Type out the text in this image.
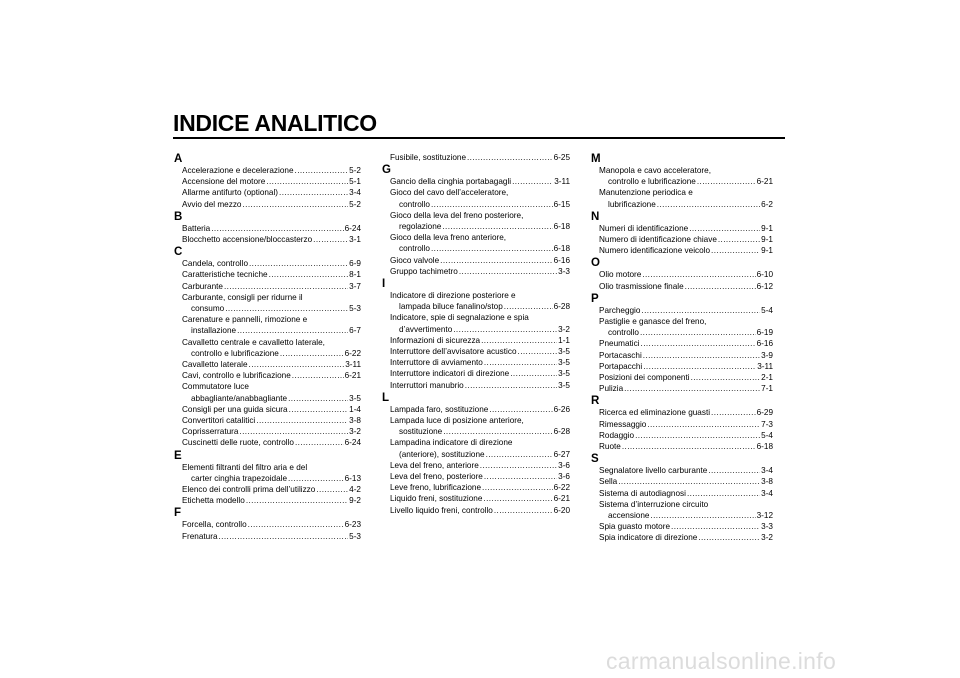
INDICE ANALITICO
A
Accelerazione e decelerazione .....	5-2
Accensione del motore .....	5-1
Allarme antifurto (optional) .....	3-4
Avvio del mezzo .....	5-2
B
Batteria .....	6-24
Blocchetto accensione/bloccasterzo .....	3-1
C
Candela, controllo .....	6-9
Caratteristiche tecniche .....	8-1
Carburante .....	3-7
Carburante, consigli per ridurne il
consumo .....	5-3
Carenature e pannelli, rimozione e
installazione .....	6-7
Cavalletto centrale e cavalletto laterale,
controllo e lubrificazione .....	6-22
Cavalletto laterale .....	3-11
Cavi, controllo e lubrificazione .....	6-21
Commutatore luce
abbagliante/anabbagliante .....	3-5
Consigli per una guida sicura .....	1-4
Convertitori catalitici .....	3-8
Coprisserratura .....	3-2
Cuscinetti delle ruote, controllo .....	6-24
E
Elementi filtranti del filtro aria e del
carter cinghia trapezoidale .....	6-13
Elenco dei controlli prima dell’utilizzo .....	4-2
Etichetta modello .....	9-2
F
Forcella, controllo .....	6-23
Frenatura .....	5-3
Fusibile, sostituzione .....	6-25
G
Gancio della cinghia portabagagli .....	3-11
Gioco del cavo dell’acceleratore,
controllo .....	6-15
Gioco della leva del freno posteriore,
regolazione .....	6-18
Gioco della leva freno anteriore,
controllo .....	6-18
Gioco valvole .....	6-16
Gruppo tachimetro .....	3-3
I
Indicatore di direzione posteriore e
lampada biluce fanalino/stop .....	6-28
Indicatore, spie di segnalazione e spia
d’avvertimento .....	3-2
Informazioni di sicurezza .....	1-1
Interruttore dell’avvisatore acustico .....	3-5
Interruttore di avviamento .....	3-5
Interruttore indicatori di direzione .....	3-5
Interruttori manubrio .....	3-5
L
Lampada faro, sostituzione .....	6-26
Lampada luce di posizione anteriore,
sostituzione .....	6-28
Lampadina indicatore di direzione
(anteriore), sostituzione .....	6-27
Leva del freno, anteriore .....	3-6
Leva del freno, posteriore .....	3-6
Leve freno, lubrificazione .....	6-22
Liquido freni, sostituzione .....	6-21
Livello liquido freni, controllo .....	6-20
M
Manopola e cavo acceleratore,
controllo e lubrificazione .....	6-21
Manutenzione periodica e
lubrificazione .....	6-2
N
Numeri di identificazione .....	9-1
Numero di identificazione chiave .....	9-1
Numero identificazione veicolo .....	9-1
O
Olio motore .....	6-10
Olio trasmissione finale .....	6-12
P
Parcheggio .....	5-4
Pastiglie e ganasce del freno,
controllo .....	6-19
Pneumatici .....	6-16
Portacaschi .....	3-9
Portapacchi .....	3-11
Posizioni dei componenti .....	2-1
Pulizia .....	7-1
R
Ricerca ed eliminazione guasti .....	6-29
Rimessaggio .....	7-3
Rodaggio .....	5-4
Ruote .....	6-18
S
Segnalatore livello carburante .....	3-4
Sella .....	3-8
Sistema di autodiagnosi .....	3-4
Sistema d’interruzione circuito
accensione .....	3-12
Spia guasto motore .....	3-3
Spia indicatore di direzione .....	3-2
carmanualsonline.info
